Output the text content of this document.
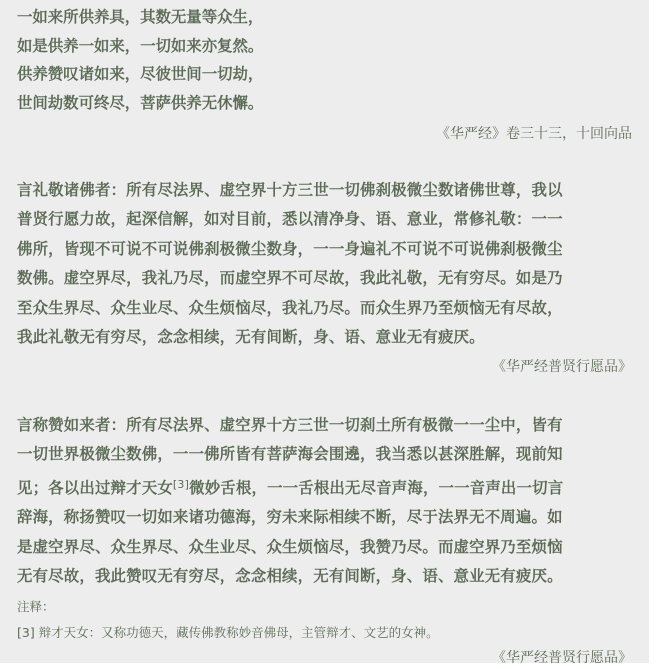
一如来所供养具，其数无量等众生，
如是供养一如来，一切如来亦复然。
供养赞叹诸如来，尽彼世间一切劫，
世间劫数可终尽，菩萨供养无休懈。
《华严经》卷三十三，十回向品
言礼敬诸佛者：所有尽法界、虚空界十方三世一切佛刹极微尘数诸佛世尊，我以
普贤行愿力故，起深信解，如对目前，悉以清净身、语、意业，常修礼敬：一一
佛所，皆现不可说不可说佛刹极微尘数身，一一身遍礼不可说不可说佛刹极微尘
数佛。虚空界尽，我礼乃尽，而虚空界不可尽故，我此礼敬，无有穷尽。如是乃
至众生界尽、众生业尽、众生烦恼尽，我礼乃尽。而众生界乃至烦恼无有尽故，
我此礼敬无有穷尽，念念相续，无有间断，身、语、意业无有疲厌。
《华严经普贤行愿品》
言称赞如来者：所有尽法界、虚空界十方三世一切刹土所有极微一一尘中，皆有
一切世界极微尘数佛，一一佛所皆有菩萨海会围遶，我当悉以甚深胜解，现前知
见；各以出过辩才天女[3]微妙舌根，一一舌根出无尽音声海，一一音声出一切言
辞海，称扬赞叹一切如来诸功德海，穷未来际相续不断，尽于法界无不周遍。如
是虚空界尽、众生界尽、众生业尽、众生烦恼尽，我赞乃尽。而虚空界乃至烦恼
无有尽故，我此赞叹无有穷尽，念念相续，无有间断，身、语、意业无有疲厌。
注释：
[3] 辩才天女：又称功德天，藏传佛教称妙音佛母，主管辩才、文艺的女神。
《华严经普贤行愿品》
